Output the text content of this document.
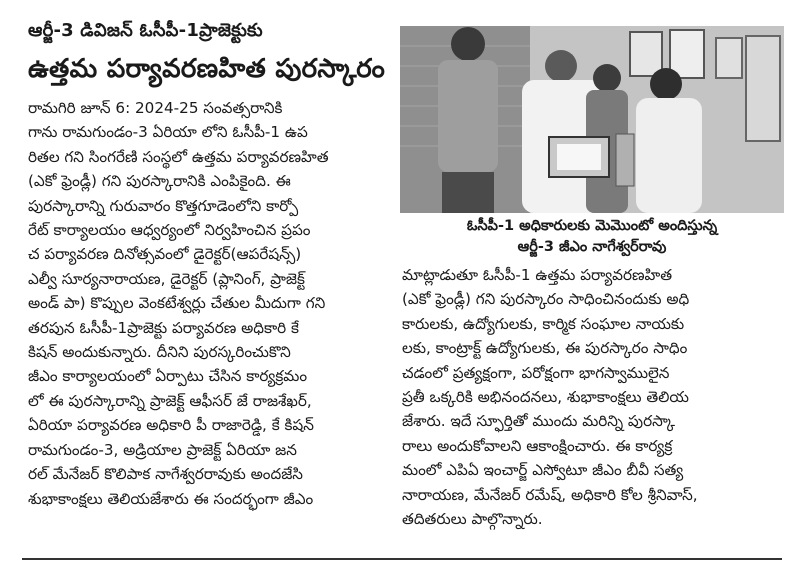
ఆర్జీ-3 డివిజన్ ఓసీపీ-1ప్రాజెక్టుకు
ఉత్తమ పర్యావరణహిత పురస్కారం
రామగిరి జూన్ 6: 2024-25 సంవత్సరానికి
గాను రామగుండం-3 ఏరియా లోని ఓసీపీ-1 ఉప
రితల గని సింగరేణి సంస్థలో ఉత్తమ పర్యావరణహిత
(ఎకో ఫ్రెండ్లీ) గని పురస్కారానికి ఎంపికైంది. ఈ
పురస్కారాన్ని గురువారం కొత్తగూడెంలోని కార్పో
రేట్ కార్యాలయం ఆధ్వర్యంలో నిర్వహించిన ప్రపం
చ పర్యావరణ దినోత్సవంలో డైరెక్టర్(ఆపరేషన్స్)
ఎల్వీ సూర్యనారాయణ, డైరెక్టర్ (ప్లానింగ్, ప్రాజెక్ట్
అండ్ పా) కొప్పుల వెంకటేశ్వర్లు చేతుల మీదుగా గని
తరపున ఓసీపీ-1ప్రాజెక్టు పర్యావరణ అధికారి కే
కిషన్ అందుకున్నారు. దీనిని పురస్కరించుకొని
జీఎం కార్యాలయంలో ఏర్పాటు చేసిన కార్యక్రమం
లో ఈ పురస్కారాన్ని ప్రాజెక్ట్ ఆఫీసర్ జే రాజశేఖర్,
ఏరియా పర్యావరణ అధికారి పీ రాజారెడ్డి, కే కిషన్
రామగుండం-3, అడ్రియాల ప్రాజెక్ట్ ఏరియా జన
రల్ మేనేజర్ కొలిపాక నాగేశ్వరరావుకు అందజేసి
శుభాకాంక్షలు తెలియజేశారు ఈ సందర్భంగా జీఎం
ఓసీపీ-1 అధికారులకు మెమొంటో అందిస్తున్న
ఆర్జీ-3 జీఎం నాగేశ్వర్‌రావు
మాట్లాడుతూ ఓసీపీ-1 ఉత్తమ పర్యావరణహిత
(ఎకో ఫ్రెండ్లీ) గని పురస్కారం సాధించినందుకు అధి
కారులకు, ఉద్యోగులకు, కార్మిక సంఘాల నాయకు
లకు, కాంట్రాక్ట్ ఉద్యోగులకు, ఈ పురస్కారం సాధిం
చడంలో ప్రత్యక్షంగా, పరోక్షంగా భాగస్వాములైన
ప్రతీ ఒక్కరికి అభినందనలు, శుభాకాంక్షలు తెలియ
జేశారు. ఇదే స్ఫూర్తితో ముందు మరిన్ని పురస్కా
రాలు అందుకోవాలని ఆకాంక్షించారు. ఈ కార్యక్ర
మంలో ఎపిఏ ఇంచార్జ్ ఎస్వోటూ జీఎం బీవీ సత్య
నారాయణ, మేనేజర్ రమేష్, అధికారి కోల శ్రీనివాస్,
తదితరులు పాల్గొన్నారు.
